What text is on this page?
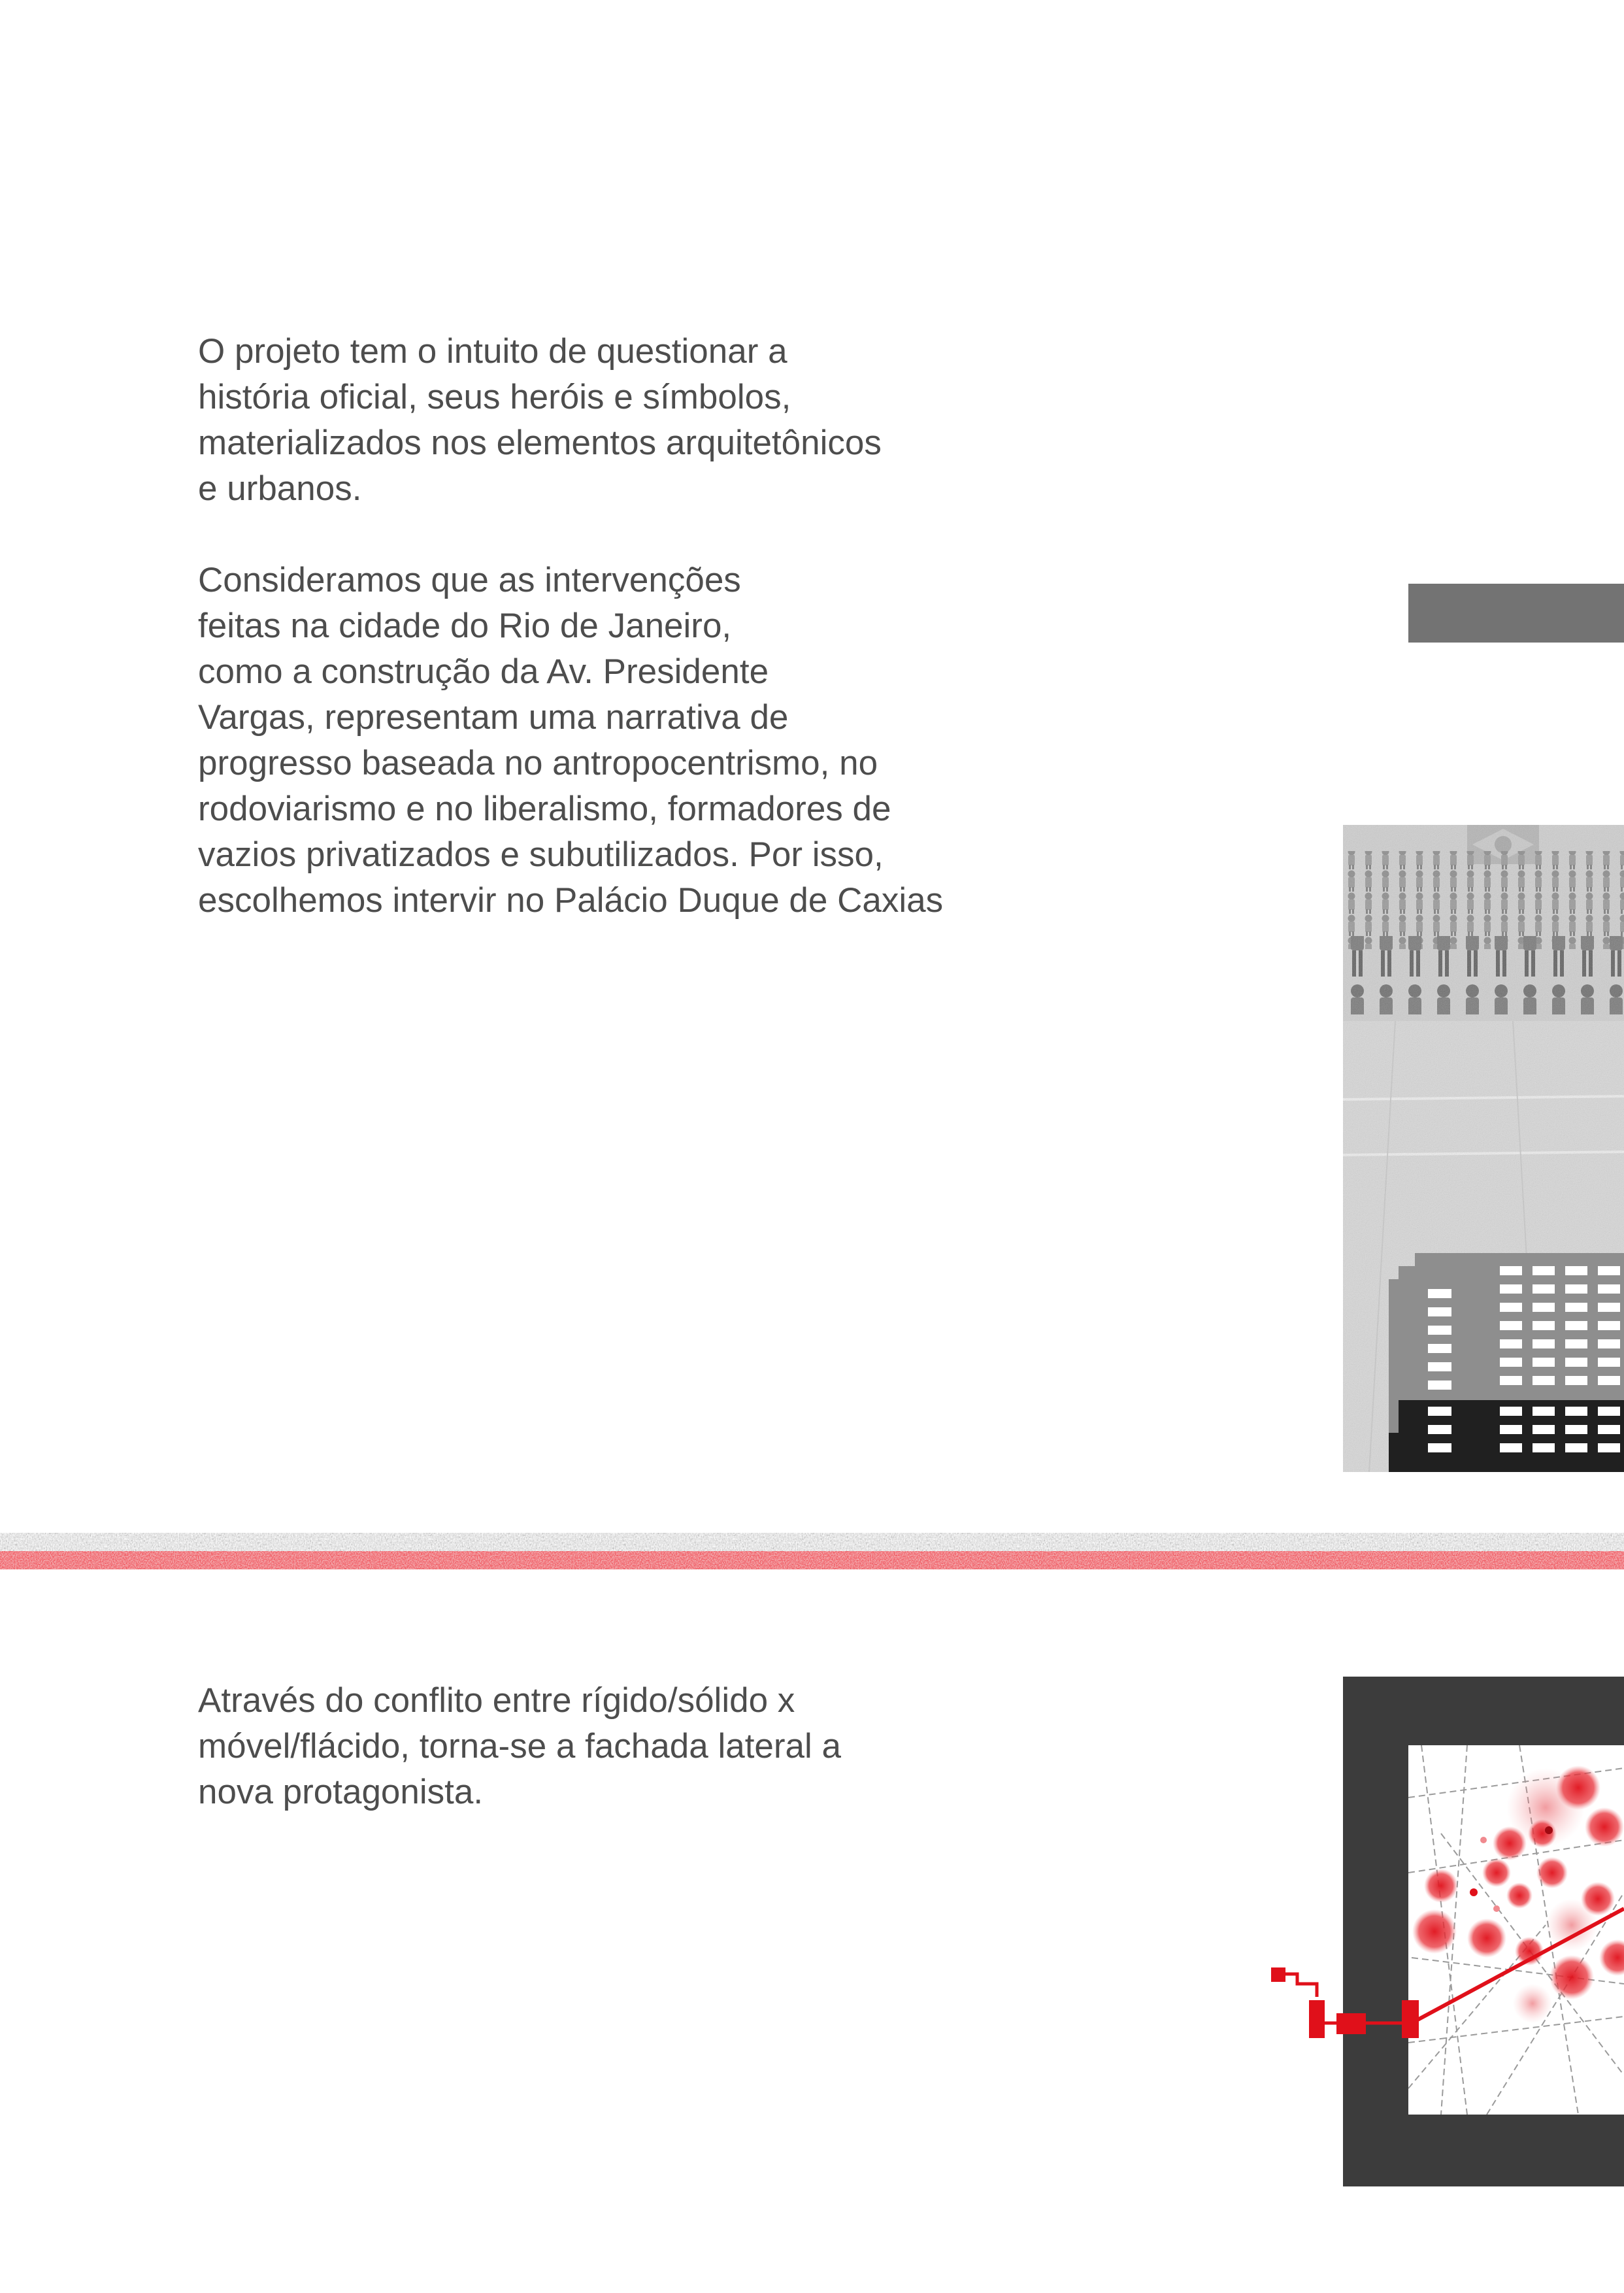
O projeto tem o intuito de questionar a
história oficial, seus heróis e símbolos,
materializados nos elementos arquitetônicos
e urbanos.

Consideramos que as intervenções
feitas na cidade do Rio de Janeiro,
como a construção da Av. Presidente
Vargas, representam uma narrativa de
progresso baseada no antropocentrismo, no
rodoviarismo e no liberalismo, formadores de
vazios privatizados e subutilizados. Por isso,
escolhemos intervir no Palácio Duque de Caxias

Através do conflito entre rígido/sólido x
móvel/flácido, torna-se a fachada lateral a
nova protagonista.
